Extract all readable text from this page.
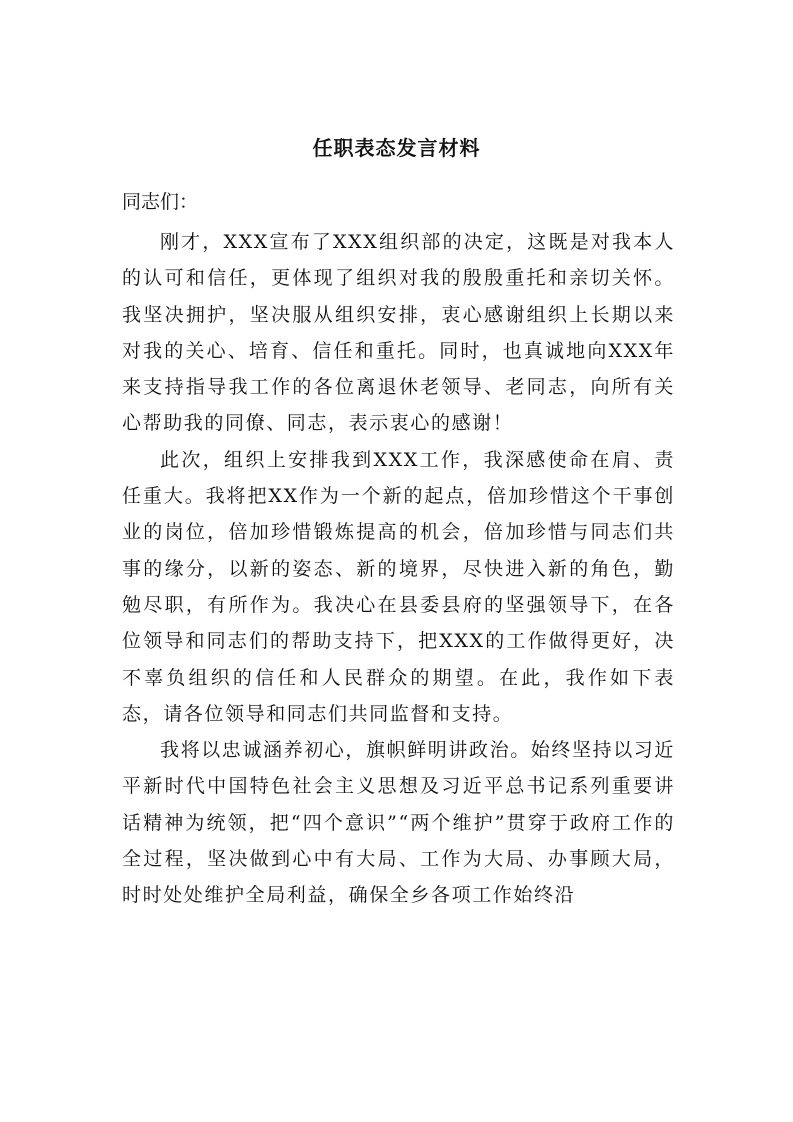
任职表态发言材料
同志们：

刚才，XXX宣布了XXX组织部的决定，这既是对我本人的认可和信任，更体现了组织对我的殷殷重托和亲切关怀。我坚决拥护，坚决服从组织安排，衷心感谢组织上长期以来对我的关心、培育、信任和重托。同时，也真诚地向XXX年来支持指导我工作的各位离退休老领导、老同志，向所有关心帮助我的同僚、同志，表示衷心的感谢！

此次，组织上安排我到XXX工作，我深感使命在肩、责任重大。我将把XX作为一个新的起点，倍加珍惜这个干事创业的岗位，倍加珍惜锻炼提高的机会，倍加珍惜与同志们共事的缘分，以新的姿态、新的境界，尽快进入新的角色，勤勉尽职，有所作为。我决心在县委县府的坚强领导下，在各位领导和同志们的帮助支持下，把XXX的工作做得更好，决不辜负组织的信任和人民群众的期望。在此，我作如下表态，请各位领导和同志们共同监督和支持。

我将以忠诚涵养初心，旗帜鲜明讲政治。始终坚持以习近平新时代中国特色社会主义思想及习近平总书记系列重要讲话精神为统领，把“四个意识”“两个维护”贯穿于政府工作的全过程，坚决做到心中有大局、工作为大局、办事顾大局，时时处处维护全局利益，确保全乡各项工作始终沿
